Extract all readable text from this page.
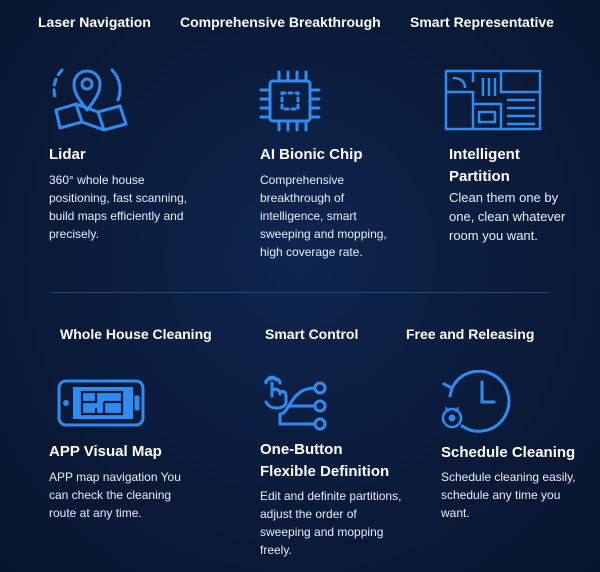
Laser Navigation Comprehensive Breakthrough Smart Representative
Lidar	AI Bionic Chip	Intelligent
Partition
360° whole house positioning, fast scanning, build maps efficiently and precisely.
Comprehensive breakthrough of intelligence, smart sweeping and mopping, high coverage rate.
Clean them one by one, clean whatever room you want.
Whole House Cleaning	Smart Control	Free and Releasing
APP Visual Map	One-Button
Flexible Definition
Schedule Cleaning
APP map navigation You can check the cleaning route at any time.
Edit and definite partitions, adjust the order of sweeping and mopping freely.
Schedule cleaning easily, schedule any time you want.
